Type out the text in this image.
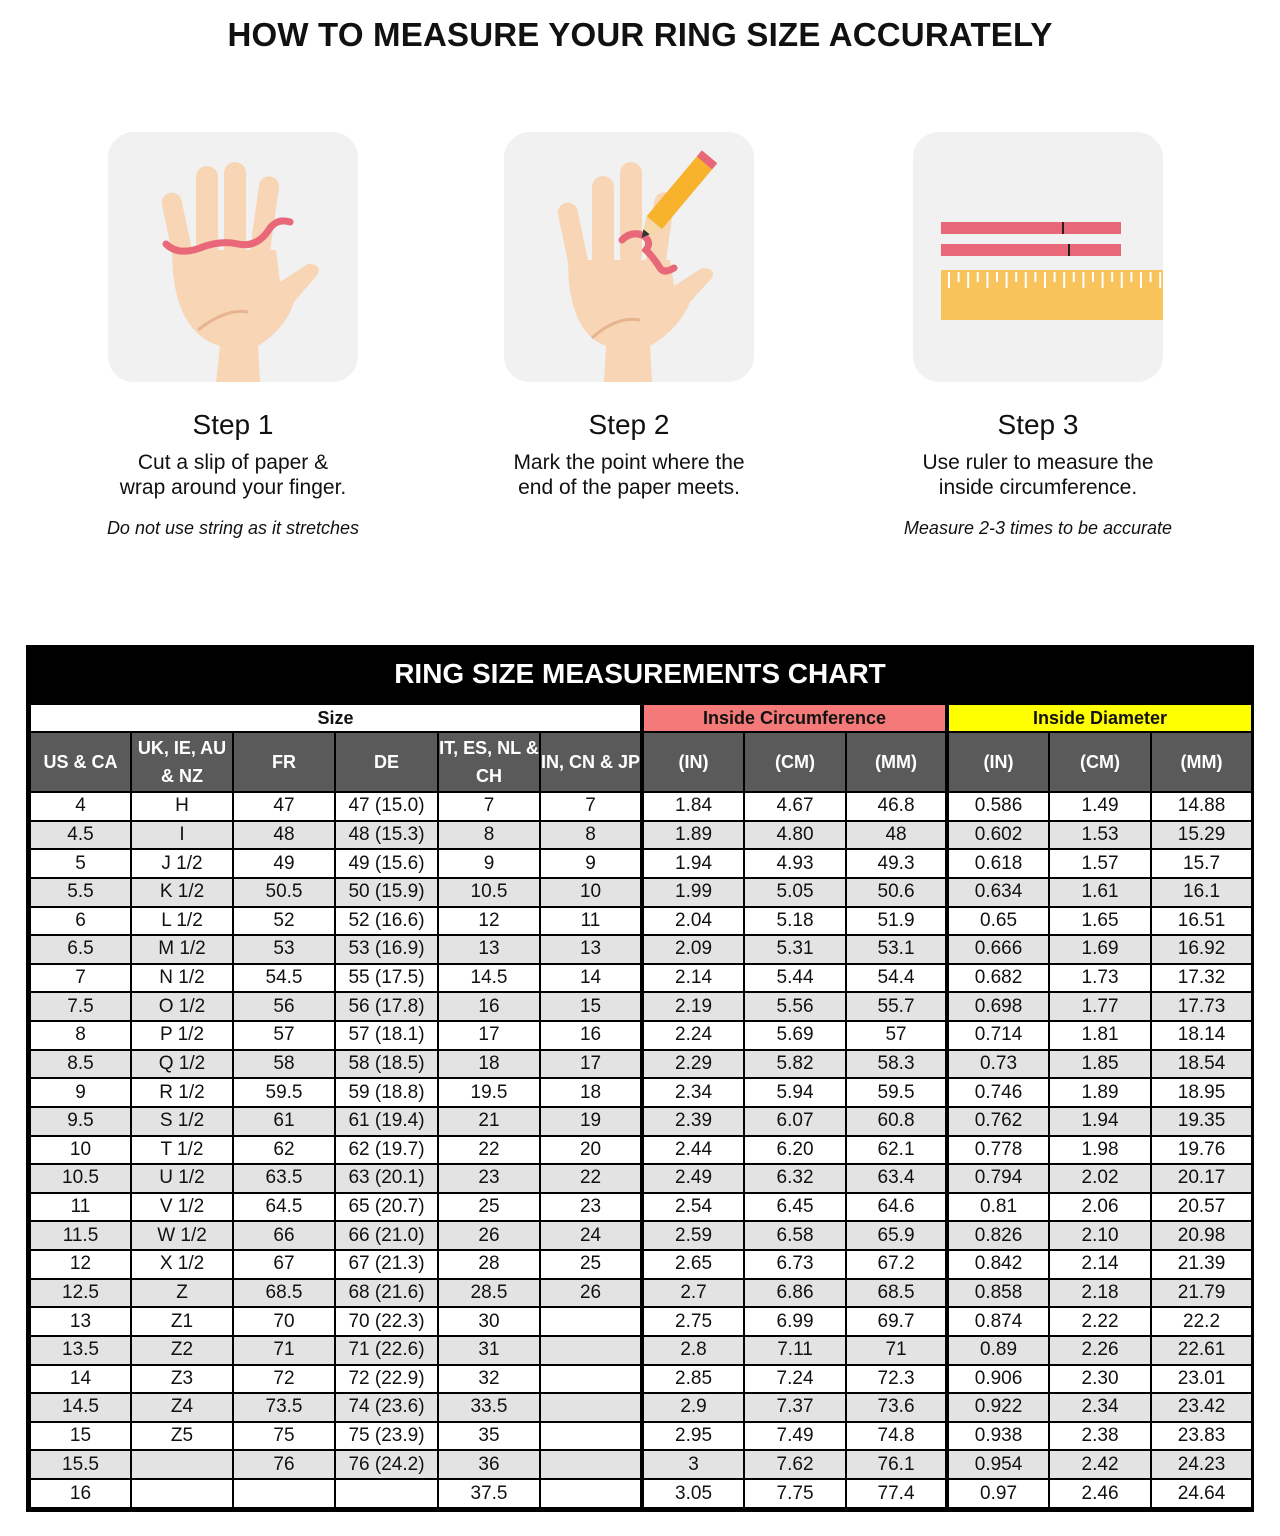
HOW TO MEASURE YOUR RING SIZE ACCURATELY
Step 1
Cut a slip of paper &
wrap around your finger.
Do not use string as it stretches
Step 2
Mark the point where the
end of the paper meets.
Step 3
Use ruler to measure the
inside circumference.
Measure 2-3 times to be accurate
RING SIZE MEASUREMENTS CHART
Size						Inside Circumference			Inside Diameter		
US & CA	UK, IE, AU & NZ	FR	DE	IT, ES, NL & CH	IN, CN & JP	(IN)	(CM)	(MM)	(IN)	(CM)	(MM)
4	H	47	47 (15.0)	7	7	1.84	4.67	46.8	0.586	1.49	14.88
4.5	I	48	48 (15.3)	8	8	1.89	4.80	48	0.602	1.53	15.29
5	J 1/2	49	49 (15.6)	9	9	1.94	4.93	49.3	0.618	1.57	15.7
5.5	K 1/2	50.5	50 (15.9)	10.5	10	1.99	5.05	50.6	0.634	1.61	16.1
6	L 1/2	52	52 (16.6)	12	11	2.04	5.18	51.9	0.65	1.65	16.51
6.5	M 1/2	53	53 (16.9)	13	13	2.09	5.31	53.1	0.666	1.69	16.92
7	N 1/2	54.5	55 (17.5)	14.5	14	2.14	5.44	54.4	0.682	1.73	17.32
7.5	O 1/2	56	56 (17.8)	16	15	2.19	5.56	55.7	0.698	1.77	17.73
8	P 1/2	57	57 (18.1)	17	16	2.24	5.69	57	0.714	1.81	18.14
8.5	Q 1/2	58	58 (18.5)	18	17	2.29	5.82	58.3	0.73	1.85	18.54
9	R 1/2	59.5	59 (18.8)	19.5	18	2.34	5.94	59.5	0.746	1.89	18.95
9.5	S 1/2	61	61 (19.4)	21	19	2.39	6.07	60.8	0.762	1.94	19.35
10	T 1/2	62	62 (19.7)	22	20	2.44	6.20	62.1	0.778	1.98	19.76
10.5	U 1/2	63.5	63 (20.1)	23	22	2.49	6.32	63.4	0.794	2.02	20.17
11	V 1/2	64.5	65 (20.7)	25	23	2.54	6.45	64.6	0.81	2.06	20.57
11.5	W 1/2	66	66 (21.0)	26	24	2.59	6.58	65.9	0.826	2.10	20.98
12	X 1/2	67	67 (21.3)	28	25	2.65	6.73	67.2	0.842	2.14	21.39
12.5	Z	68.5	68 (21.6)	28.5	26	2.7	6.86	68.5	0.858	2.18	21.79
13	Z1	70	70 (22.3)	30		2.75	6.99	69.7	0.874	2.22	22.2
13.5	Z2	71	71 (22.6)	31		2.8	7.11	71	0.89	2.26	22.61
14	Z3	72	72 (22.9)	32		2.85	7.24	72.3	0.906	2.30	23.01
14.5	Z4	73.5	74 (23.6)	33.5		2.9	7.37	73.6	0.922	2.34	23.42
15	Z5	75	75 (23.9)	35		2.95	7.49	74.8	0.938	2.38	23.83
15.5		76	76 (24.2)	36		3	7.62	76.1	0.954	2.42	24.23
16				37.5		3.05	7.75	77.4	0.97	2.46	24.64
